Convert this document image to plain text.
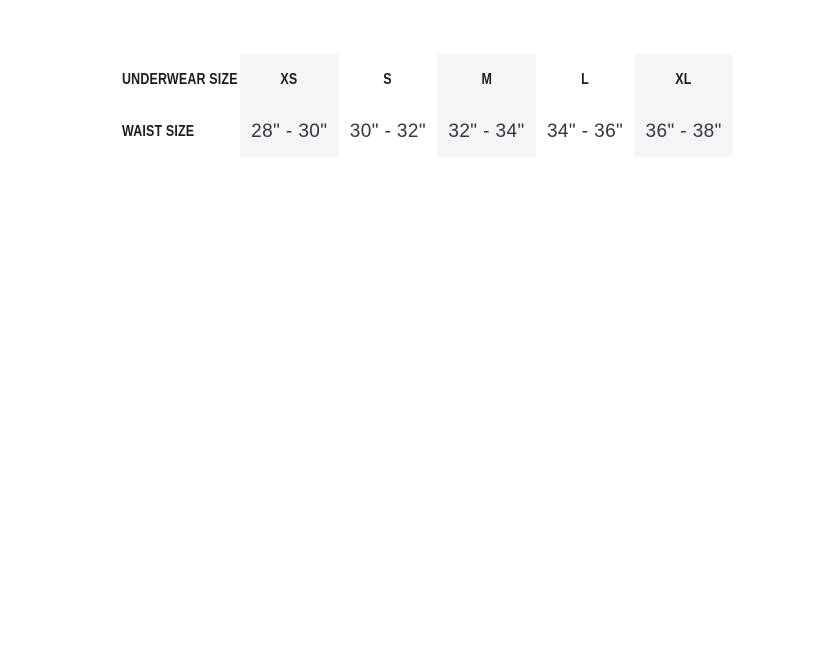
UNDERWEAR SIZE
WAIST SIZE
XS
28" - 30"
S
30" - 32"
M
32" - 34"
L
34" - 36"
XL
36" - 38"
